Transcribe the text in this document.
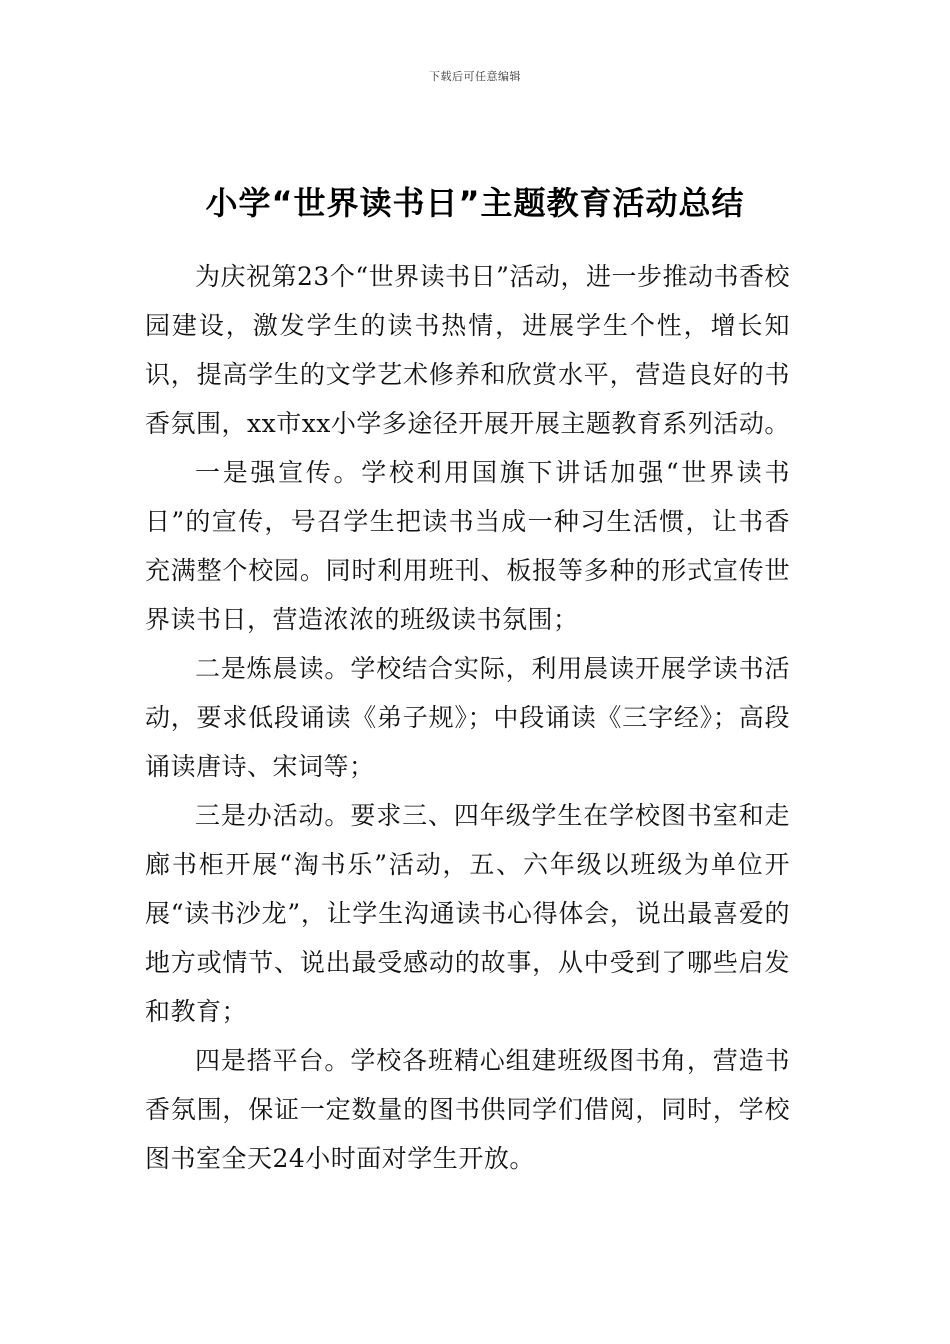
下载后可任意编辑
小学“世界读书日”主题教育活动总结

为庆祝第23个“世界读书日”活动，进一步推动书香校园建设，激发学生的读书热情，进展学生个性，增长知识，提高学生的文学艺术修养和欣赏水平，营造良好的书香氛围，xx市xx小学多途径开展开展主题教育系列活动。

一是强宣传。学校利用国旗下讲话加强“世界读书日”的宣传，号召学生把读书当成一种习生活惯，让书香充满整个校园。同时利用班刊、板报等多种的形式宣传世界读书日，营造浓浓的班级读书氛围；

二是炼晨读。学校结合实际，利用晨读开展学读书活动，要求低段诵读《弟子规》；中段诵读《三字经》；高段诵读唐诗、宋词等；

三是办活动。要求三、四年级学生在学校图书室和走廊书柜开展“淘书乐”活动，五、六年级以班级为单位开展“读书沙龙”，让学生沟通读书心得体会，说出最喜爱的地方或情节、说出最受感动的故事，从中受到了哪些启发和教育；

四是搭平台。学校各班精心组建班级图书角，营造书香氛围，保证一定数量的图书供同学们借阅，同时，学校图书室全天24小时面对学生开放。
